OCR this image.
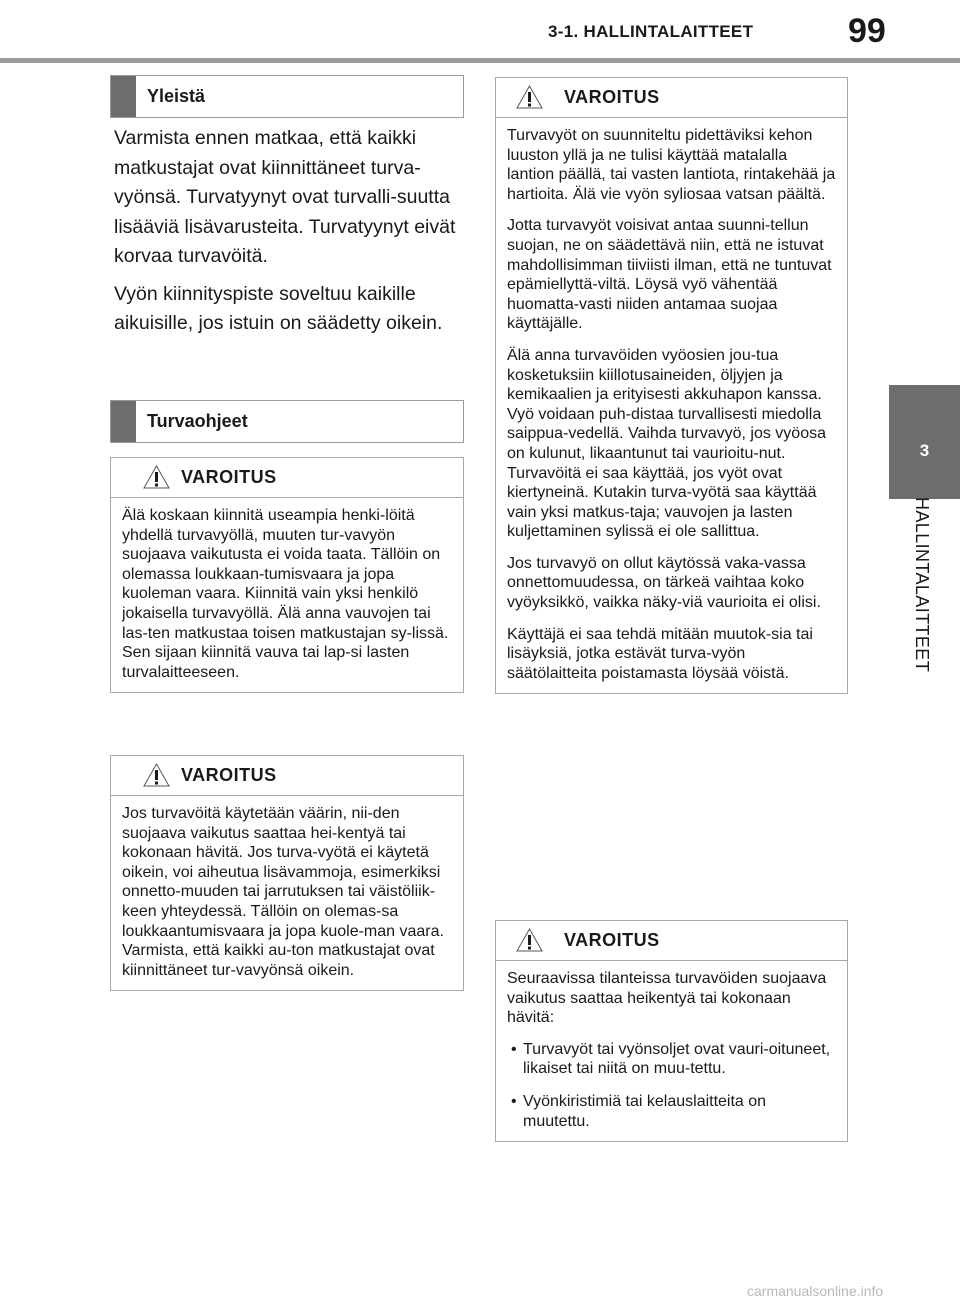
3-1. HALLINTALAITTEET	99
3
HALLINTALAITTEET
Yleistä

Varmista ennen matkaa, että kaikki matkustajat ovat kiinnittäneet turva-vyönsä. Turvatyynyt ovat turvalli-suutta lisääviä lisävarusteita. Turvatyynyt eivät korvaa turvavöitä.

Vyön kiinnityspiste soveltuu kaikille aikuisille, jos istuin on säädetty oikein.

Turvaohjeet
VAROITUS

Älä koskaan kiinnitä useampia henki-löitä yhdellä turvavyöllä, muuten tur-vavyön suojaava vaikutusta ei voida taata. Tällöin on olemassa loukkaan-tumisvaara ja jopa kuoleman vaara. Kiinnitä vain yksi henkilö jokaisella turvavyöllä. Älä anna vauvojen tai las-ten matkustaa toisen matkustajan sy-lissä. Sen sijaan kiinnitä vauva tai lap-si lasten turvalaitteeseen.

VAROITUS

Jos turvavöitä käytetään väärin, nii-den suojaava vaikutus saattaa hei-kentyä tai kokonaan hävitä. Jos turva-vyötä ei käytetä oikein, voi aiheutua lisävammoja, esimerkiksi onnetto-muuden tai jarrutuksen tai väistöliik-keen yhteydessä. Tällöin on olemas-sa loukkaantumisvaara ja jopa kuole-man vaara. Varmista, että kaikki au-ton matkustajat ovat kiinnittäneet tur-vavyönsä oikein.

VAROITUS

Turvavyöt on suunniteltu pidettäviksi kehon luuston yllä ja ne tulisi käyttää matalalla lantion päällä, tai vasten lantiota, rintakehää ja hartioita. Älä vie vyön syliosaa vatsan päältä.

Jotta turvavyöt voisivat antaa suunni-tellun suojan, ne on säädettävä niin, että ne istuvat mahdollisimman tiiviisti ilman, että ne tuntuvat epämiellyttä-viltä. Löysä vyö vähentää huomatta-vasti niiden antamaa suojaa käyttäjälle.

Älä anna turvavöiden vyöosien jou-tua kosketuksiin kiillotusaineiden, öljyjen ja kemikaalien ja erityisesti akkuhapon kanssa. Vyö voidaan puh-distaa turvallisesti miedolla saippua-vedellä. Vaihda turvavyö, jos vyöosa on kulunut, likaantunut tai vaurioitu-nut. Turvavöitä ei saa käyttää, jos vyöt ovat kiertyneinä. Kutakin turva-vyötä saa käyttää vain yksi matkus-taja; vauvojen ja lasten kuljettaminen sylissä ei ole sallittua.

Jos turvavyö on ollut käytössä vaka-vassa onnettomuudessa, on tärkeä vaihtaa koko vyöyksikkö, vaikka näky-viä vaurioita ei olisi.

Käyttäjä ei saa tehdä mitään muutok-sia tai lisäyksiä, jotka estävät turva-vyön säätölaitteita poistamasta löysää vöistä.

VAROITUS

Seuraavissa tilanteissa turvavöiden suojaava vaikutus saattaa heikentyä tai kokonaan hävitä:

• Turvavyöt tai vyönsoljet ovat vauri-oituneet, likaiset tai niitä on muu-tettu.
• Vyönkiristimiä tai kelauslaitteita on muutettu.
carmanualsonline.info
